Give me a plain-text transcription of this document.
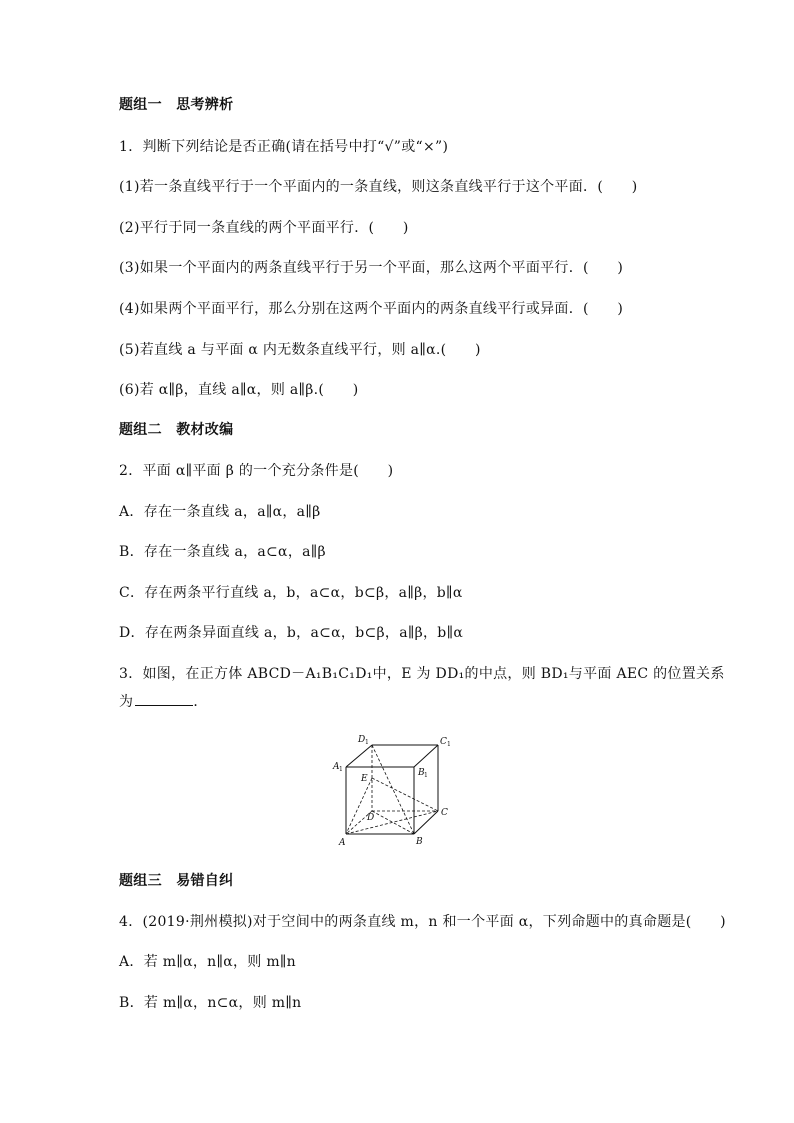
题组一　思考辨析
1．判断下列结论是否正确(请在括号中打“√”或“×”)
(1)若一条直线平行于一个平面内的一条直线，则这条直线平行于这个平面．(　　)
(2)平行于同一条直线的两个平面平行．(　　)
(3)如果一个平面内的两条直线平行于另一个平面，那么这两个平面平行．(　　)
(4)如果两个平面平行，那么分别在这两个平面内的两条直线平行或异面．(　　)
(5)若直线 a 与平面 α 内无数条直线平行，则 a∥α.(　　)
(6)若 α∥β，直线 a∥α，则 a∥β.(　　)
题组二　教材改编
2．平面 α∥平面 β 的一个充分条件是(　　)
A．存在一条直线 a，a∥α，a∥β
B．存在一条直线 a，a⊂α，a∥β
C．存在两条平行直线 a，b，a⊂α，b⊂β，a∥β，b∥α
D．存在两条异面直线 a，b，a⊂α，b⊂β，a∥β，b∥α
3．如图，在正方体 ABCD－A₁B₁C₁D₁中，E 为 DD₁的中点，则 BD₁与平面 AEC 的位置关系
为	．
D 1	C 1
A 1	B 1
E
D	C
A	B
题组三　易错自纠
4．(2019·荆州模拟)对于空间中的两条直线 m，n 和一个平面 α，下列命题中的真命题是(　　)
A．若 m∥α，n∥α，则 m∥n
B．若 m∥α，n⊂α，则 m∥n
